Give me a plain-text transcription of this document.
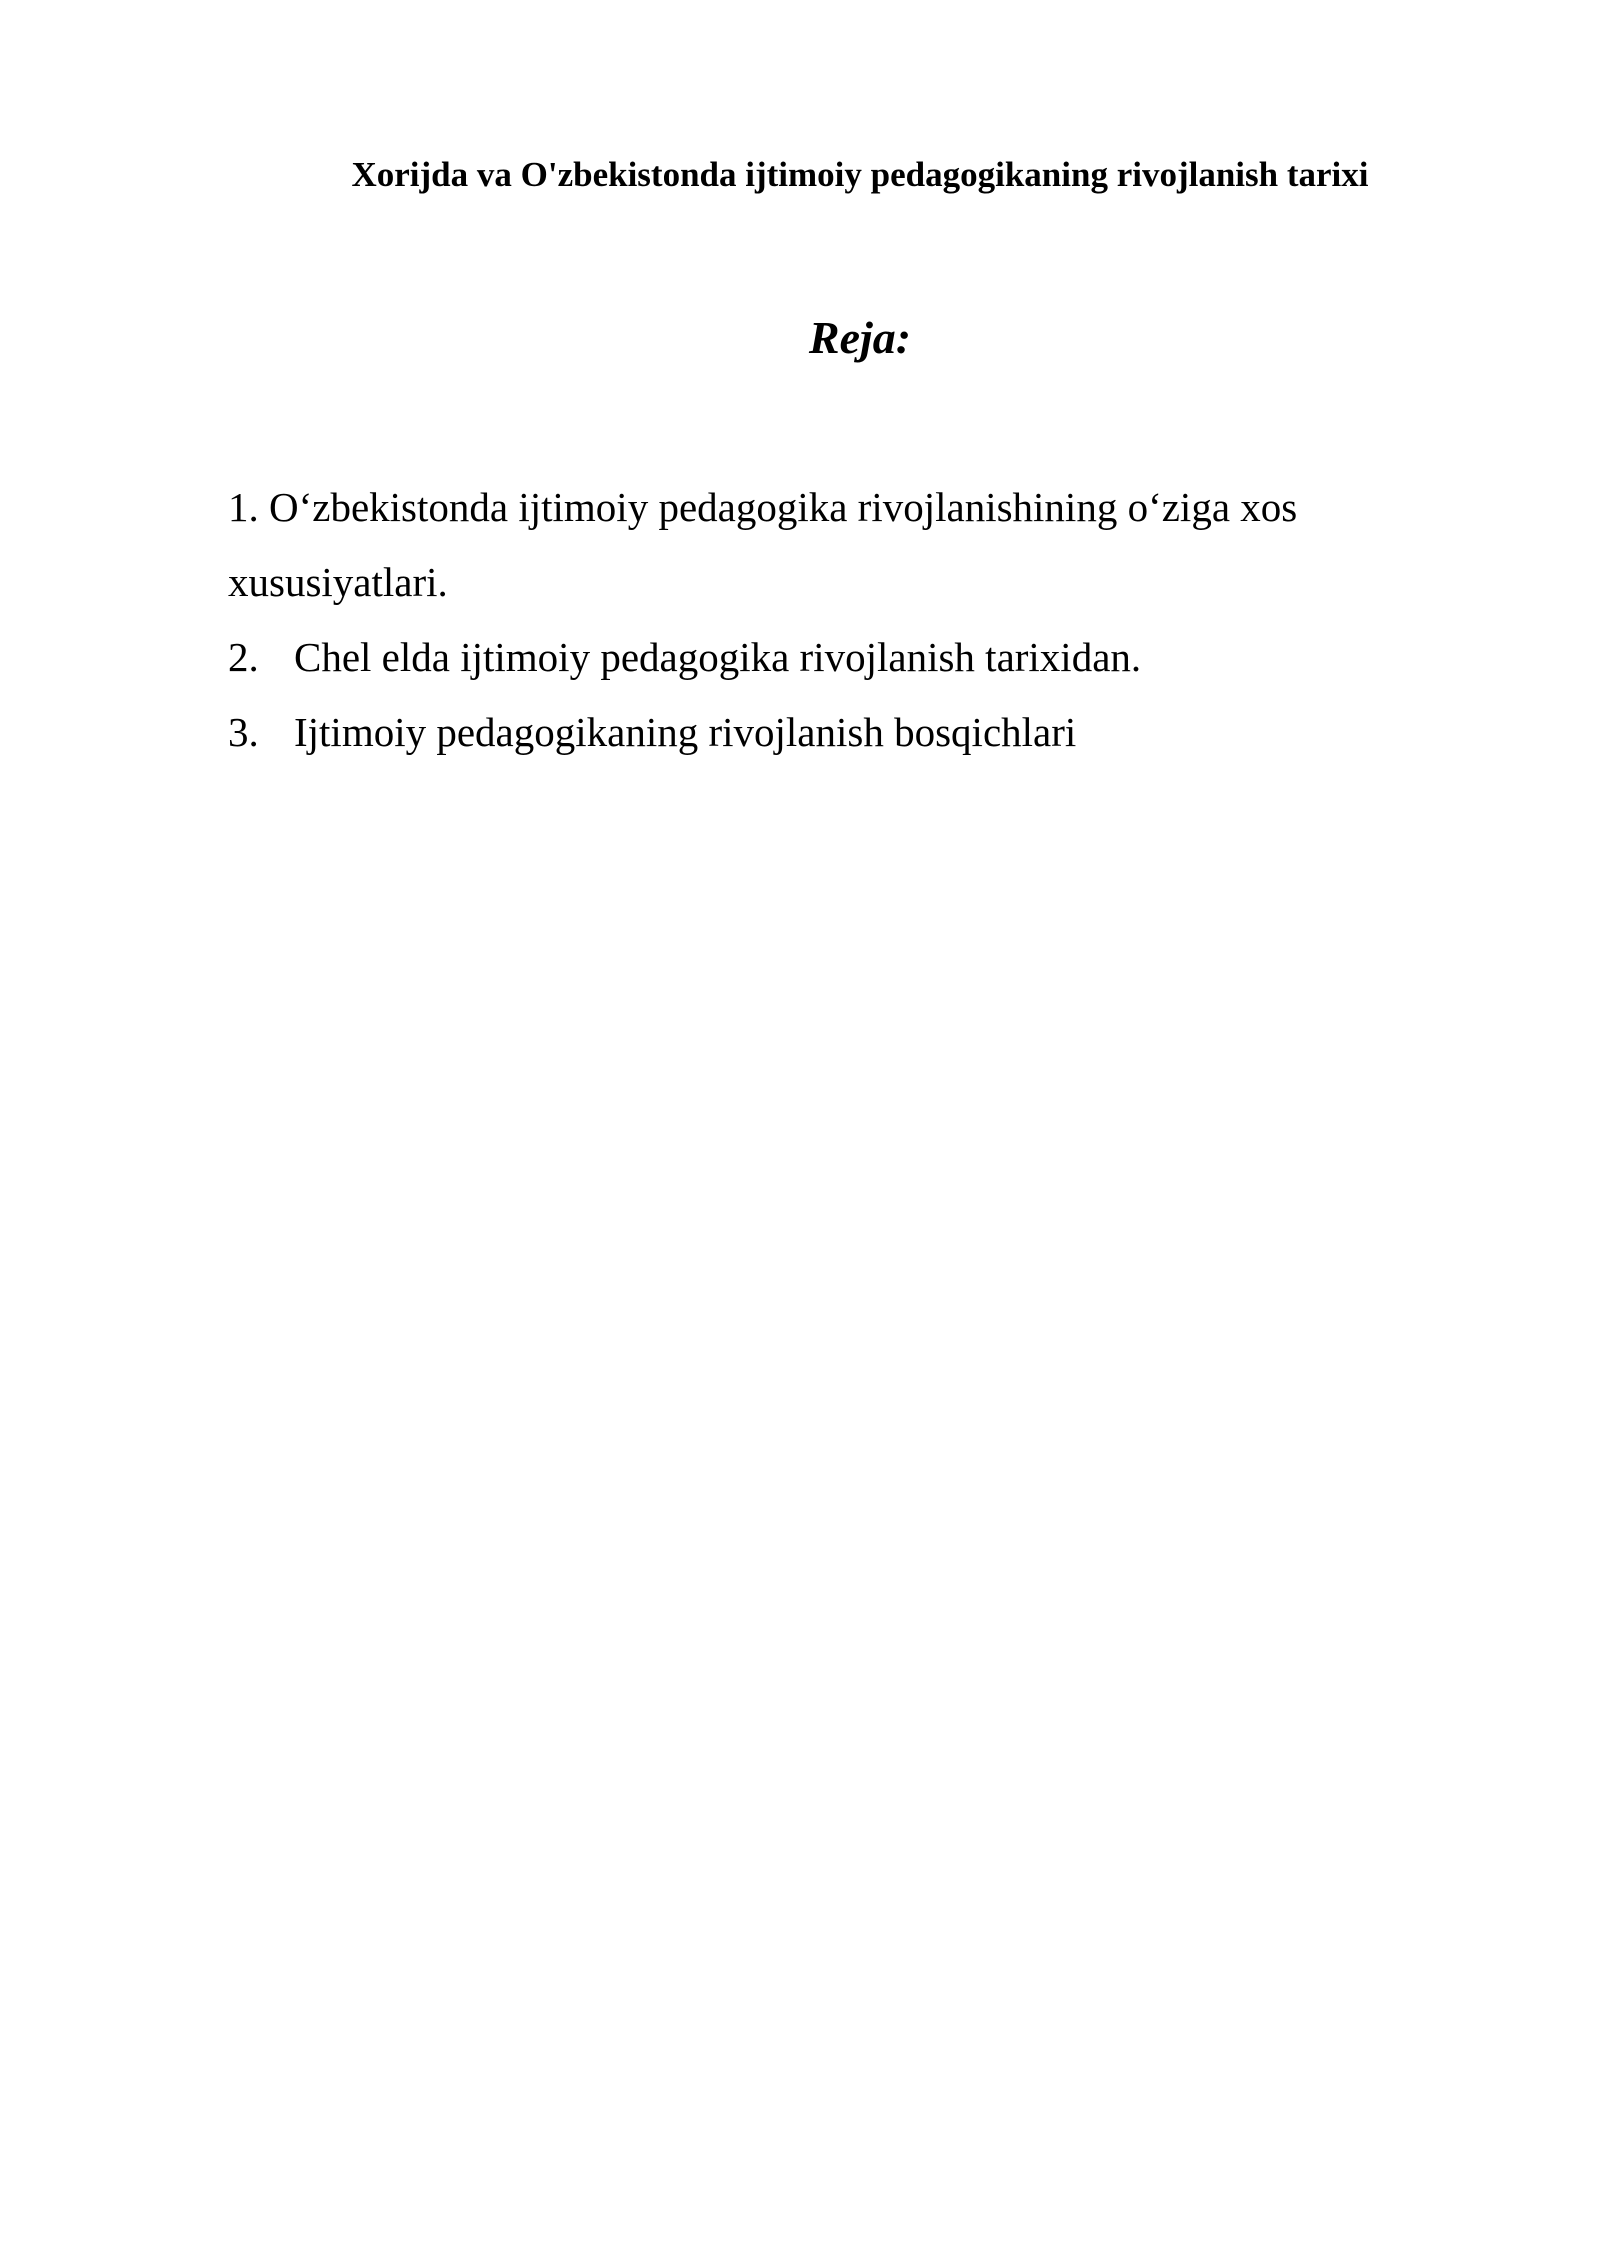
Xorijda va O'zbekistonda ijtimoiy pedagogikaning rivojlanish tarixi
Reja:
1. O‘zbekistonda ijtimoiy pedagogika rivojlanishining o‘ziga xos xususiyatlari.
2. Chel elda ijtimoiy pedagogika rivojlanish tarixidan.
3. Ijtimoiy pedagogikaning rivojlanish bosqichlari
